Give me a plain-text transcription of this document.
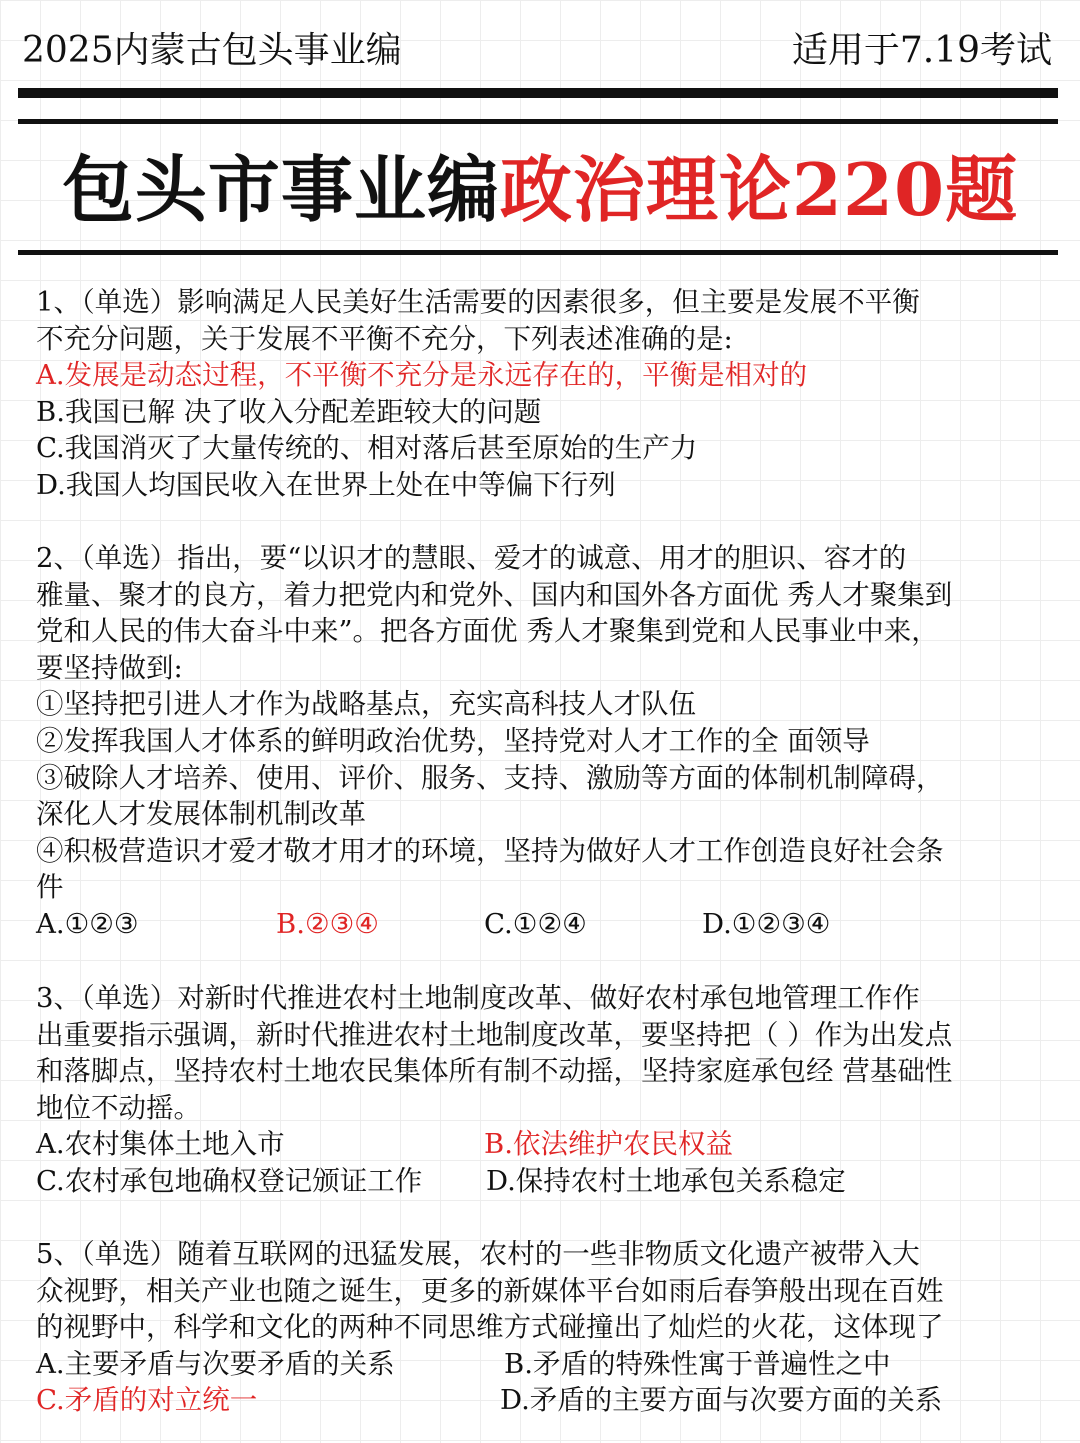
2025内蒙古包头事业编	适用于7.19考试
包头市事业编政治理论220题
1、（单选）影响满足人民美好生活需要的因素很多，但主要是发展不平衡
不充分问题，关于发展不平衡不充分，下列表述准确的是:
A.发展是动态过程，不平衡不充分是永远存在的，平衡是相对的
B.我国已解 决了收入分配差距较大的问题
C.我国消灭了大量传统的、相对落后甚至原始的生产力
D.我国人均国民收入在世界上处在中等偏下行列
2、（单选）指出，要“以识才的慧眼、爱才的诚意、用才的胆识、容才的
雅量、聚才的良方，着力把党内和党外、国内和国外各方面优 秀人才聚集到
党和人民的伟大奋斗中来”。把各方面优 秀人才聚集到党和人民事业中来，
要坚持做到:
①坚持把引进人才作为战略基点，充实高科技人才队伍
②发挥我国人才体系的鲜明政治优势，坚持党对人才工作的全 面领导
③破除人才培养、使用、评价、服务、支持、激励等方面的体制机制障碍，
深化人才发展体制机制改革
④积极营造识才爱才敬才用才的环境，坚持为做好人才工作创造良好社会条
件
A.①②③	B.②③④	C.①②④	D.①②③④
3、（单选）对新时代推进农村土地制度改革、做好农村承包地管理工作作
出重要指示强调，新时代推进农村土地制度改革，要坚持把（ ）作为出发点
和落脚点，坚持农村土地农民集体所有制不动摇，坚持家庭承包经 营基础性
地位不动摇。
A.农村集体土地入市	B.依法维护农民权益
C.农村承包地确权登记颁证工作 D.保持农村土地承包关系稳定
5、（单选）随着互联网的迅猛发展，农村的一些非物质文化遗产被带入大
众视野，相关产业也随之诞生，更多的新媒体平台如雨后春笋般出现在百姓
的视野中，科学和文化的两种不同思维方式碰撞出了灿烂的火花，这体现了
A.主要矛盾与次要矛盾的关系	B.矛盾的特殊性寓于普遍性之中
C.矛盾的对立统一	D.矛盾的主要方面与次要方面的关系
